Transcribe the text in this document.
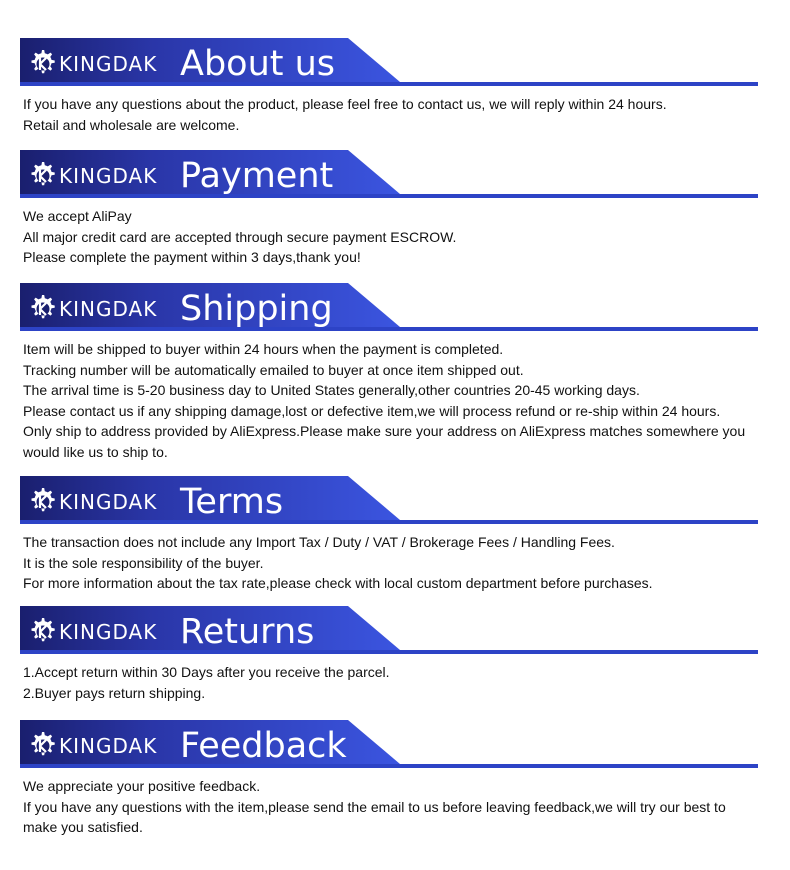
KINGDAK About us
If you have any questions about the product, please feel free to contact us, we will reply within 24 hours.
Retail and wholesale are welcome.
KINGDAK Payment
We accept AliPay
All major credit card are accepted through secure payment ESCROW.
Please complete the payment within 3 days,thank you!
KINGDAK Shipping
Item will be shipped to buyer within 24 hours when the payment is completed.
Tracking number will be automatically emailed to buyer at once item shipped out.
The arrival time is 5-20 business day to United States generally,other countries 20-45 working days.
Please contact us if any shipping damage,lost or defective item,we will process refund or re-ship within 24 hours.
Only ship to address provided by AliExpress.Please make sure your address on AliExpress matches somewhere you would like us to ship to.
KINGDAK Terms
The transaction does not include any Import Tax / Duty / VAT / Brokerage Fees / Handling Fees.
It is the sole responsibility of the buyer.
For more information about the tax rate,please check with local custom department before purchases.
KINGDAK Returns
1.Accept return within 30 Days after you receive the parcel.
2.Buyer pays return shipping.
KINGDAK Feedback
We appreciate your positive feedback.
If you have any questions with the item,please send the email to us before leaving feedback,we will try our best to make you satisfied.
